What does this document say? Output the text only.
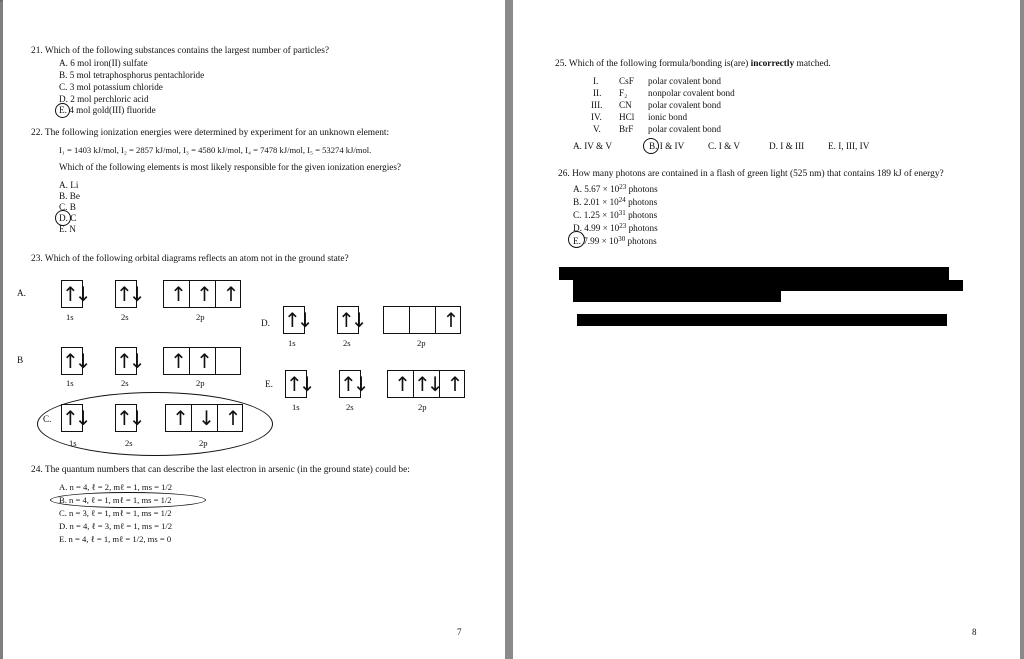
21. Which of the following substances contains the largest number of particles?
A. 6 mol iron(II) sulfate
B. 5 mol tetraphosphorus pentachloride
C. 3 mol potassium chloride
D. 2 mol perchloric acid
E. 4 mol gold(III) fluoride
22. The following ionization energies were determined by experiment for an unknown element:
I₁ = 1403 kJ/mol, I₂ = 2857 kJ/mol, I₃ = 4580 kJ/mol, I₄ = 7478 kJ/mol, I₅ = 53274 kJ/mol.
Which of the following elements is most likely responsible for the given ionization energies?
A. Li
B. Be
C. B
D. C
E. N
23. Which of the following orbital diagrams reflects an atom not in the ground state?
A. ↑↓ ↑↓	↑ ↑ ↑
1s	2s	2p
D. ↑↓ ↑↓	↑
1s	2s	2p
B ↑↓ ↑↓	↑ ↑
1s	2s	2p	E. ↑↓ ↑↓	↑ ↑↓ ↑
1s	2s	2p
C. ↑↓ ↑↓	↑ ↓ ↑
1s	2s	2p
24. The quantum numbers that can describe the last electron in arsenic (in the ground state) could be:
A. n = 4, ℓ = 2, mℓ = 1, ms = 1/2
B. n = 4, ℓ = 1, mℓ = 1, ms = 1/2
C. n = 3, ℓ = 1, mℓ = 1, ms = 1/2
D. n = 4, ℓ = 3, mℓ = 1, ms = 1/2
E. n = 4, ℓ = 1, mℓ = 1/2, ms = 0
7
25. Which of the following formula/bonding is(are) incorrectly matched.
I. CsF polar covalent bond
II. F₂ nonpolar covalent bond
III. CN polar covalent bond
IV. HCl ionic bond
V. BrF polar covalent bond
A. IV & V	B. I & IV	C. I & V	D. I & III	E. I, III, IV
26. How many photons are contained in a flash of green light (525 nm) that contains 189 kJ of energy?
A. $5.67 \times 10^{23}$ photons
B. $2.01 \times 10^{24}$ photons
C. $1.25 \times 10^{31}$ photons
D. $4.99 \times 10^{23}$ photons
E. $7.99 \times 10^{30}$ photons
8
